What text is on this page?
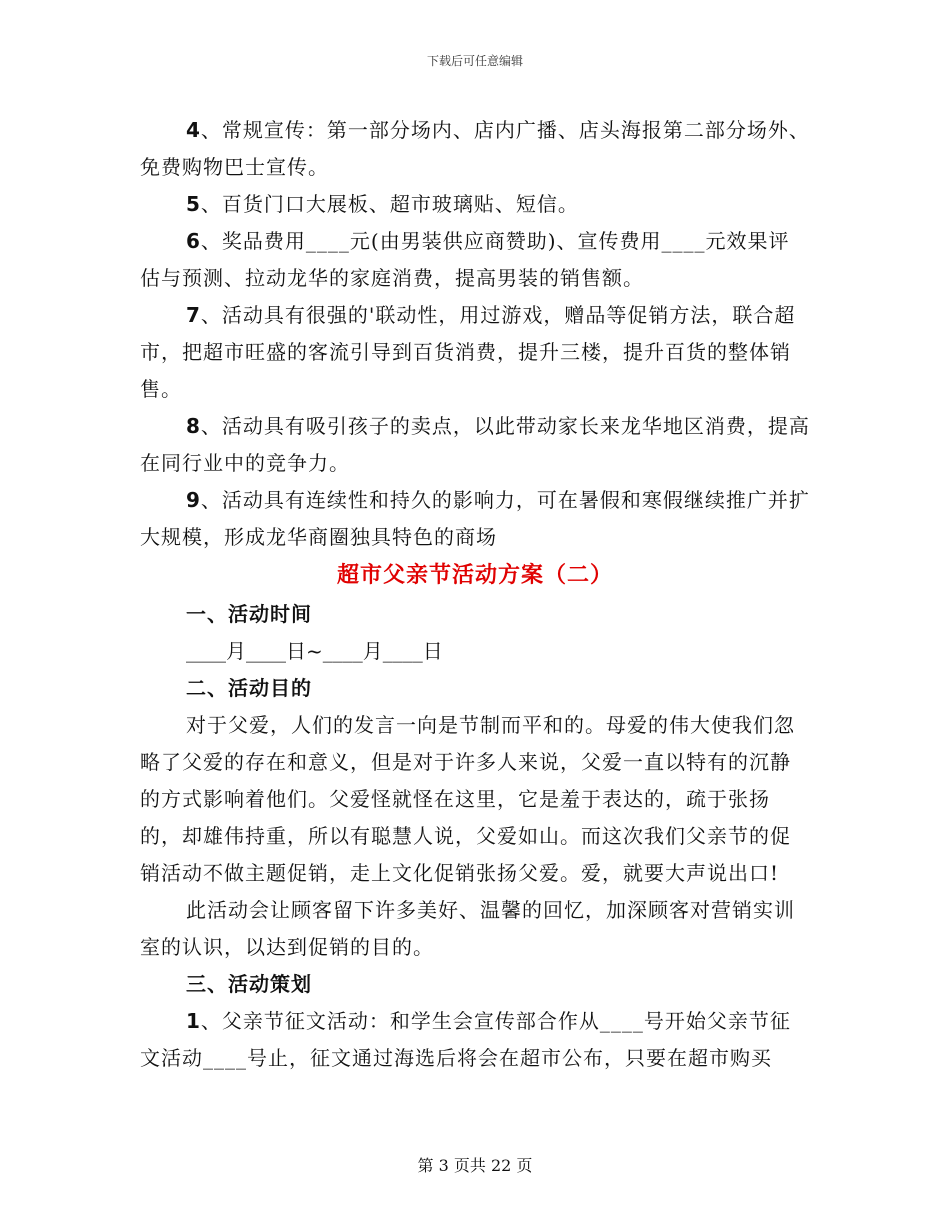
下载后可任意编辑

4、常规宣传：第一部分场内、店内广播、店头海报第二部分场外、免费购物巴士宣传。

5、百货门口大展板、超市玻璃贴、短信。

6、奖品费用____元(由男装供应商赞助)、宣传费用____元效果评估与预测、拉动龙华的家庭消费，提高男装的销售额。

7、活动具有很强的'联动性，用过游戏，赠品等促销方法，联合超市，把超市旺盛的客流引导到百货消费，提升三楼，提升百货的整体销售。

8、活动具有吸引孩子的卖点，以此带动家长来龙华地区消费，提高在同行业中的竞争力。

9、活动具有连续性和持久的影响力，可在暑假和寒假继续推广并扩大规模，形成龙华商圈独具特色的商场

超市父亲节活动方案（二）

一、活动时间

____月____日~____月____日

二、活动目的

对于父爱，人们的发言一向是节制而平和的。母爱的伟大使我们忽略了父爱的存在和意义，但是对于许多人来说，父爱一直以特有的沉静的方式影响着他们。父爱怪就怪在这里，它是羞于表达的，疏于张扬的，却雄伟持重，所以有聪慧人说，父爱如山。而这次我们父亲节的促销活动不做主题促销，走上文化促销张扬父爱。爱，就要大声说出口!

此活动会让顾客留下许多美好、温馨的回忆，加深顾客对营销实训室的认识，以达到促销的目的。

三、活动策划

1、父亲节征文活动：和学生会宣传部合作从____号开始父亲节征文活动____号止，征文通过海选后将会在超市公布，只要在超市购买

第 3 页共 22 页
